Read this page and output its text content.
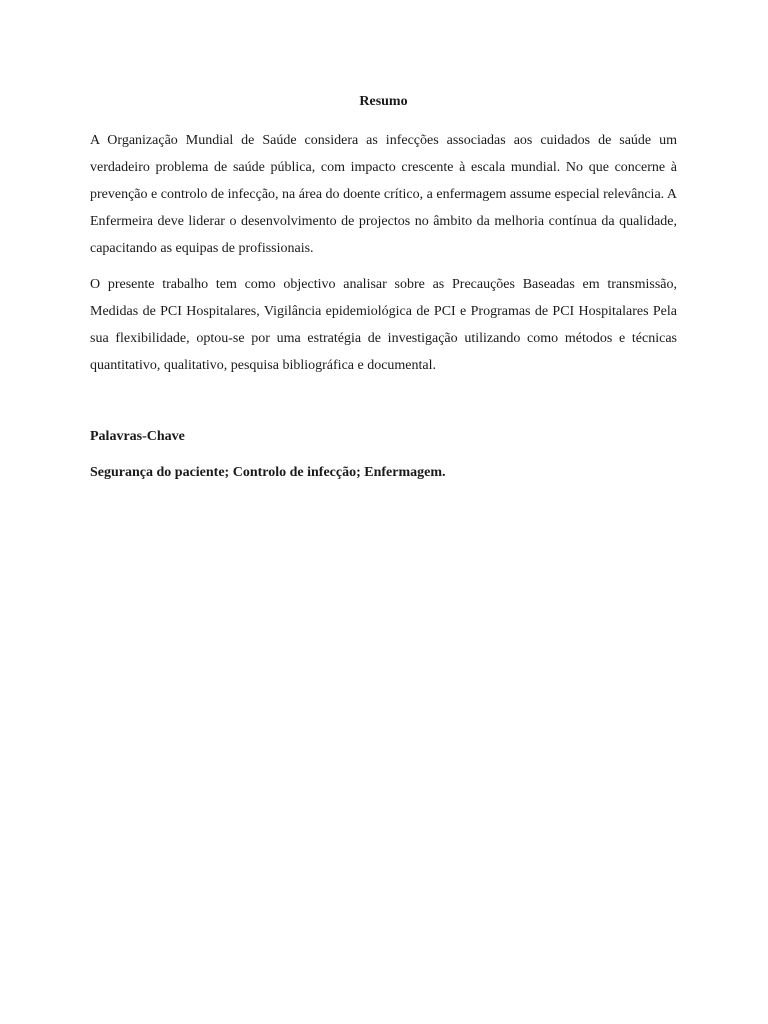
Resumo

A Organização Mundial de Saúde considera as infecções associadas aos cuidados de saúde um verdadeiro problema de saúde pública, com impacto crescente à escala mundial. No que concerne à prevenção e controlo de infecção, na área do doente crítico, a enfermagem assume especial relevância. A Enfermeira deve liderar o desenvolvimento de projectos no âmbito da melhoria contínua da qualidade, capacitando as equipas de profissionais.

O presente trabalho tem como objectivo analisar sobre as Precauções Baseadas em transmissão, Medidas de PCI Hospitalares, Vigilância epidemiológica de PCI e Programas de PCI Hospitalares Pela sua flexibilidade, optou-se por uma estratégia de investigação utilizando como métodos e técnicas quantitativo, qualitativo, pesquisa bibliográfica e documental.

Palavras-Chave
Segurança do paciente; Controlo de infecção; Enfermagem.
